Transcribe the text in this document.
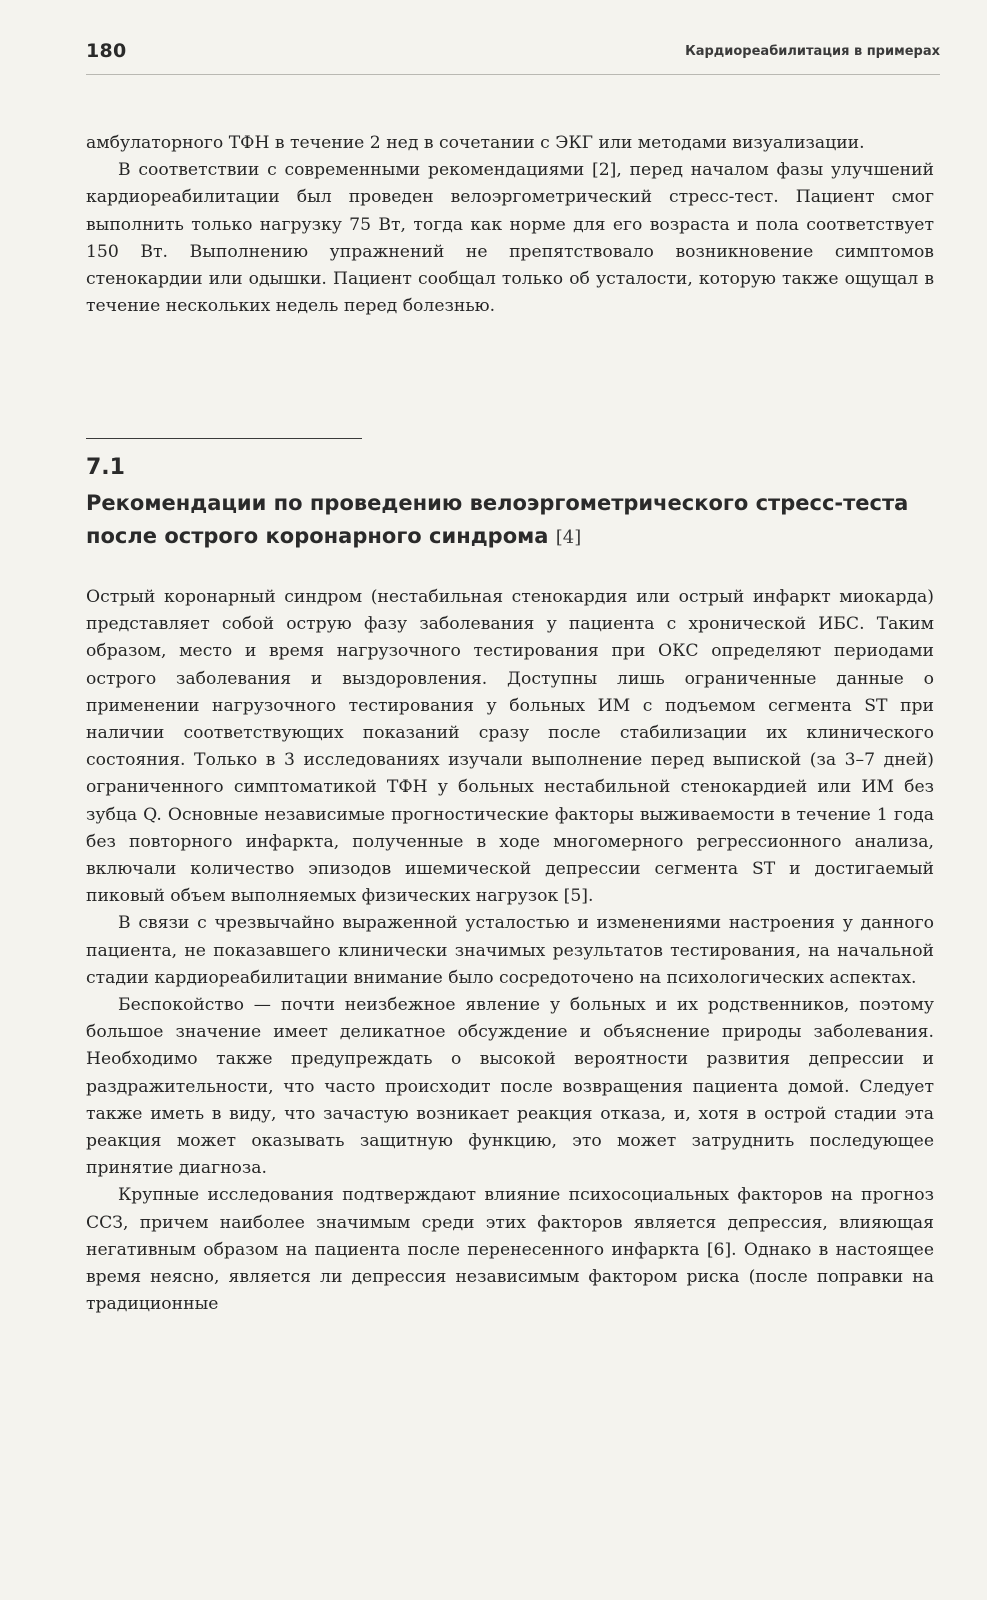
180	Кардиореабилитация в примерах

амбулаторного ТФН в течение 2 нед в сочетании с ЭКГ или методами визуализации.

В соответствии с современными рекомендациями [2], перед началом фазы улучшений кардиореабилитации был проведен велоэргометрический стресс-тест. Пациент смог выполнить только нагрузку 75 Вт, тогда как норме для его возраста и пола соответствует 150 Вт. Выполнению упражнений не препятствовало возникновение симптомов стенокардии или одышки. Пациент сообщал только об усталости, которую также ощущал в течение нескольких недель перед болезнью.

7.1
Рекомендации по проведению велоэргометрического стресс-теста после острого коронарного синдрома [4]

Острый коронарный синдром (нестабильная стенокардия или острый инфаркт миокарда) представляет собой острую фазу заболевания у пациента с хронической ИБС. Таким образом, место и время нагрузочного тестирования при ОКС определяют периодами острого заболевания и выздоровления. Доступны лишь ограниченные данные о применении нагрузочного тестирования у больных ИМ с подъемом сегмента ST при наличии соответствующих показаний сразу после стабилизации их клинического состояния. Только в 3 исследованиях изучали выполнение перед выпиской (за 3–7 дней) ограниченного симптоматикой ТФН у больных нестабильной стенокардией или ИМ без зубца Q. Основные независимые прогностические факторы выживаемости в течение 1 года без повторного инфаркта, полученные в ходе многомерного регрессионного анализа, включали количество эпизодов ишемической депрессии сегмента ST и достигаемый пиковый объем выполняемых физических нагрузок [5].

В связи с чрезвычайно выраженной усталостью и изменениями настроения у данного пациента, не показавшего клинически значимых результатов тестирования, на начальной стадии кардиореабилитации внимание было сосредоточено на психологических аспектах.

Беспокойство — почти неизбежное явление у больных и их родственников, поэтому большое значение имеет деликатное обсуждение и объяснение природы заболевания. Необходимо также предупреждать о высокой вероятности развития депрессии и раздражительности, что часто происходит после возвращения пациента домой. Следует также иметь в виду, что зачастую возникает реакция отказа, и, хотя в острой стадии эта реакция может оказывать защитную функцию, это может затруднить последующее принятие диагноза.

Крупные исследования подтверждают влияние психосоциальных факторов на прогноз ССЗ, причем наиболее значимым среди этих факторов является депрессия, влияющая негативным образом на пациента после перенесенного инфаркта [6]. Однако в настоящее время неясно, является ли депрессия независимым фактором риска (после поправки на традиционные
